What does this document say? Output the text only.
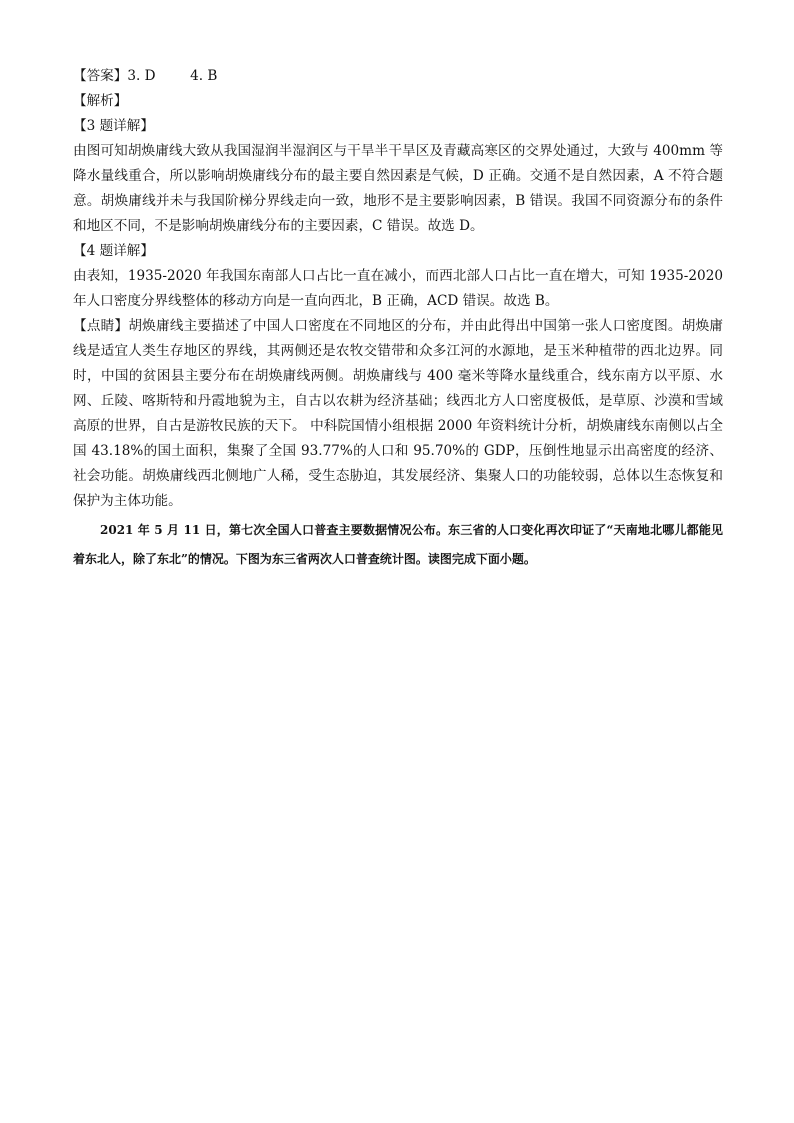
【答案】3. D        4. B
【解析】
【3 题详解】

由图可知胡焕庸线大致从我国湿润半湿润区与干旱半干旱区及青藏高寒区的交界处通过，大致与 400mm 等降水量线重合，所以影响胡焕庸线分布的最主要自然因素是气候，D 正确。交通不是自然因素，A 不符合题意。胡焕庸线并未与我国阶梯分界线走向一致，地形不是主要影响因素，B 错误。我国不同资源分布的条件和地区不同，不是影响胡焕庸线分布的主要因素，C 错误。故选 D。

【4 题详解】

由表知，1935-2020 年我国东南部人口占比一直在减小，而西北部人口占比一直在增大，可知 1935-2020 年人口密度分界线整体的移动方向是一直向西北，B 正确，ACD 错误。故选 B。

【点睛】胡焕庸线主要描述了中国人口密度在不同地区的分布，并由此得出中国第一张人口密度图。胡焕庸线是适宜人类生存地区的界线，其两侧还是农牧交错带和众多江河的水源地，是玉米种植带的西北边界。同时，中国的贫困县主要分布在胡焕庸线两侧。胡焕庸线与 400 毫米等降水量线重合，线东南方以平原、水网、丘陵、喀斯特和丹霞地貌为主，自古以农耕为经济基础；线西北方人口密度极低，是草原、沙漠和雪域高原的世界，自古是游牧民族的天下。 中科院国情小组根据 2000 年资料统计分析，胡焕庸线东南侧以占全国 43.18%的国土面积，集聚了全国 93.77%的人口和 95.70%的 GDP，压倒性地显示出高密度的经济、社会功能。胡焕庸线西北侧地广人稀，受生态胁迫，其发展经济、集聚人口的功能较弱，总体以生态恢复和保护为主体功能。

2021 年 5 月 11 日，第七次全国人口普查主要数据情况公布。东三省的人口变化再次印证了“天南地北哪儿都能见着东北人，除了东北”的情况。下图为东三省两次人口普查统计图。读图完成下面小题。
